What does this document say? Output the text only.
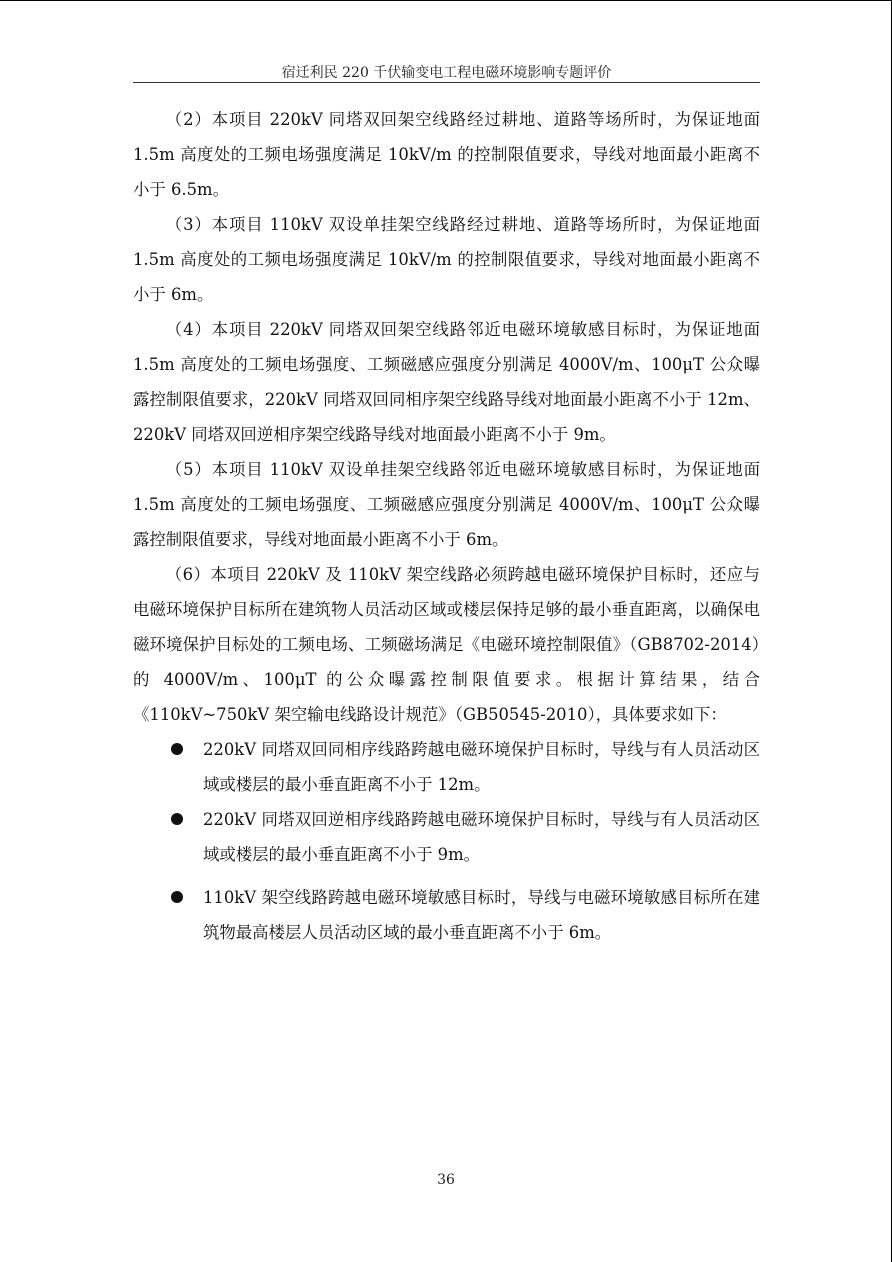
宿迁利民 220 千伏输变电工程电磁环境影响专题评价

（2）本项目 220kV 同塔双回架空线路经过耕地、道路等场所时，为保证地面 1.5m 高度处的工频电场强度满足 10kV/m 的控制限值要求，导线对地面最小距离不小于 6.5m。

（3）本项目 110kV 双设单挂架空线路经过耕地、道路等场所时，为保证地面 1.5m 高度处的工频电场强度满足 10kV/m 的控制限值要求，导线对地面最小距离不小于 6m。

（4）本项目 220kV 同塔双回架空线路邻近电磁环境敏感目标时，为保证地面 1.5m 高度处的工频电场强度、工频磁感应强度分别满足 4000V/m、100μT 公众曝露控制限值要求，220kV 同塔双回同相序架空线路导线对地面最小距离不小于 12m、220kV 同塔双回逆相序架空线路导线对地面最小距离不小于 9m。

（5）本项目 110kV 双设单挂架空线路邻近电磁环境敏感目标时，为保证地面 1.5m 高度处的工频电场强度、工频磁感应强度分别满足 4000V/m、100μT 公众曝露控制限值要求，导线对地面最小距离不小于 6m。

（6）本项目 220kV 及 110kV 架空线路必须跨越电磁环境保护目标时，还应与电磁环境保护目标所在建筑物人员活动区域或楼层保持足够的最小垂直距离，以确保电磁环境保护目标处的工频电场、工频磁场满足《电磁环境控制限值》（GB8702-2014）的 4000V/m、100μT 的公众曝露控制限值要求。根据计算结果，结合《110kV~750kV 架空输电线路设计规范》（GB50545-2010），具体要求如下：

220kV 同塔双回同相序线路跨越电磁环境保护目标时，导线与有人员活动区域或楼层的最小垂直距离不小于 12m。
220kV 同塔双回逆相序线路跨越电磁环境保护目标时，导线与有人员活动区域或楼层的最小垂直距离不小于 9m。
110kV 架空线路跨越电磁环境敏感目标时，导线与电磁环境敏感目标所在建筑物最高楼层人员活动区域的最小垂直距离不小于 6m。
36
